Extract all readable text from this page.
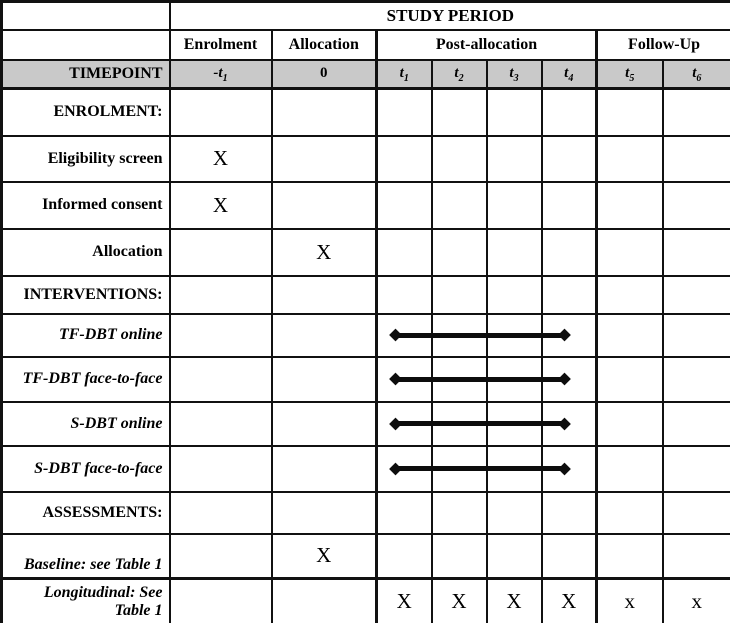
	STUDY PERIOD							
	Enrolment	Allocation	Post-allocation				Follow-Up	
TIMEPOINT	$-t_1$	0	$t_1$	$t_2$	$t_3$	$t_4$	$t_5$	$t_6$
ENROLMENT:								
Eligibility screen	X							
Informed consent	X							
Allocation		X						
INTERVENTIONS:								
TF-DBT online			

TF-DBT face-to-face			

S-DBT online			

S-DBT face-to-face			

ASSESSMENTS:								
Baseline: see Table 1		X						
Longitudinal: See
Table 1			X	X	X	X	x	x
